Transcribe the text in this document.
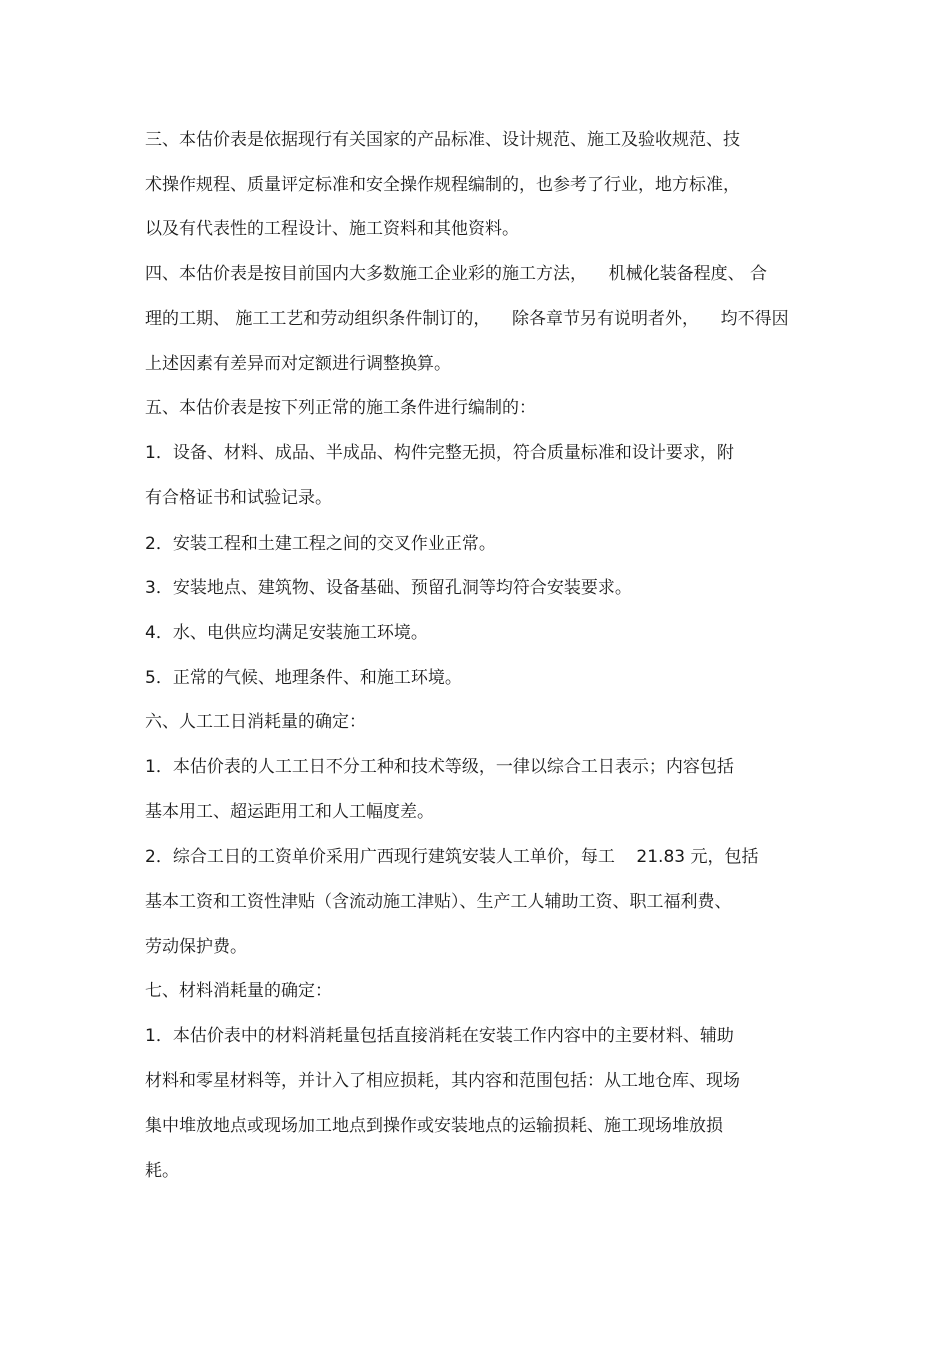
三、本估价表是依据现行有关国家的产品标准、设计规范、施工及验收规范、技

术操作规程、质量评定标准和安全操作规程编制的，也参考了行业，地方标准，

以及有代表性的工程设计、施工资料和其他资料。

四、本估价表是按目前国内大多数施工企业彩的施工方法，    机械化装备程度、 合

理的工期、 施工工艺和劳动组织条件制订的，    除各章节另有说明者外，    均不得因

上述因素有差异而对定额进行调整换算。

五、本估价表是按下列正常的施工条件进行编制的：

1．设备、材料、成品、半成品、构件完整无损，符合质量标准和设计要求，附

有合格证书和试验记录。

2．安装工程和土建工程之间的交叉作业正常。

3．安装地点、建筑物、设备基础、预留孔洞等均符合安装要求。

4．水、电供应均满足安装施工环境。

5．正常的气候、地理条件、和施工环境。

六、人工工日消耗量的确定：

1．本估价表的人工工日不分工种和技术等级，一律以综合工日表示；内容包括

基本用工、超运距用工和人工幅度差。

2．综合工日的工资单价采用广西现行建筑安装人工单价，每工    21.83 元，包括

基本工资和工资性津贴（含流动施工津贴）、生产工人辅助工资、职工福利费、

劳动保护费。

七、材料消耗量的确定：

1．本估价表中的材料消耗量包括直接消耗在安装工作内容中的主要材料、辅助

材料和零星材料等，并计入了相应损耗，其内容和范围包括：从工地仓库、现场

集中堆放地点或现场加工地点到操作或安装地点的运输损耗、施工现场堆放损

耗。
